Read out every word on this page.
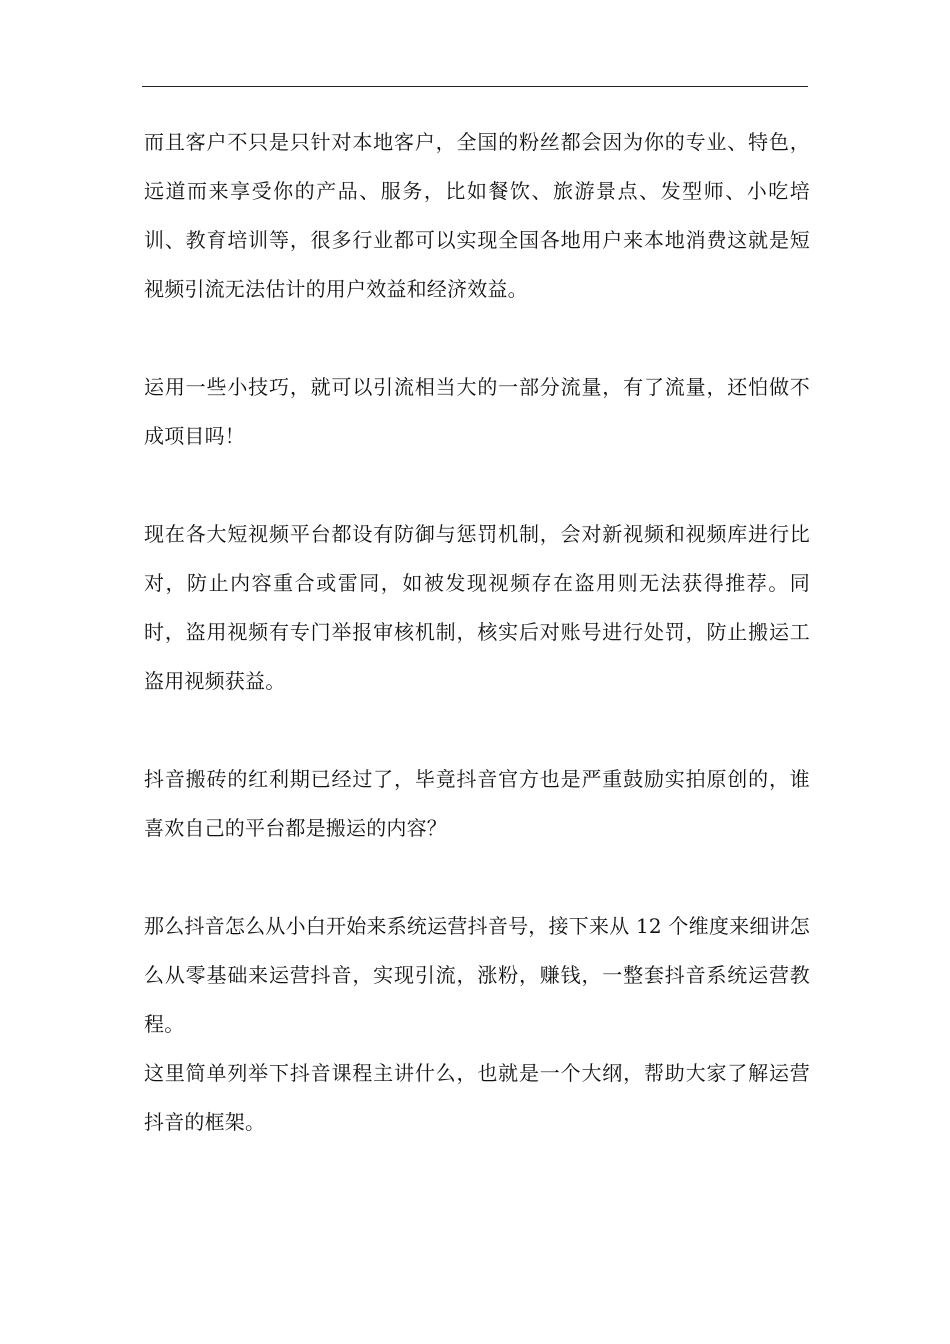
而且客户不只是只针对本地客户，全国的粉丝都会因为你的专业、特色，远道而来享受你的产品、服务，比如餐饮、旅游景点、发型师、小吃培训、教育培训等，很多行业都可以实现全国各地用户来本地消费这就是短视频引流无法估计的用户效益和经济效益。

运用一些小技巧，就可以引流相当大的一部分流量，有了流量，还怕做不成项目吗！

现在各大短视频平台都设有防御与惩罚机制，会对新视频和视频库进行比对，防止内容重合或雷同，如被发现视频存在盗用则无法获得推荐。同时，盗用视频有专门举报审核机制，核实后对账号进行处罚，防止搬运工盗用视频获益。

抖音搬砖的红利期已经过了，毕竟抖音官方也是严重鼓励实拍原创的，谁喜欢自己的平台都是搬运的内容？

那么抖音怎么从小白开始来系统运营抖音号，接下来从 12 个维度来细讲怎么从零基础来运营抖音，实现引流，涨粉，赚钱，一整套抖音系统运营教程。

这里简单列举下抖音课程主讲什么，也就是一个大纲，帮助大家了解运营抖音的框架。
